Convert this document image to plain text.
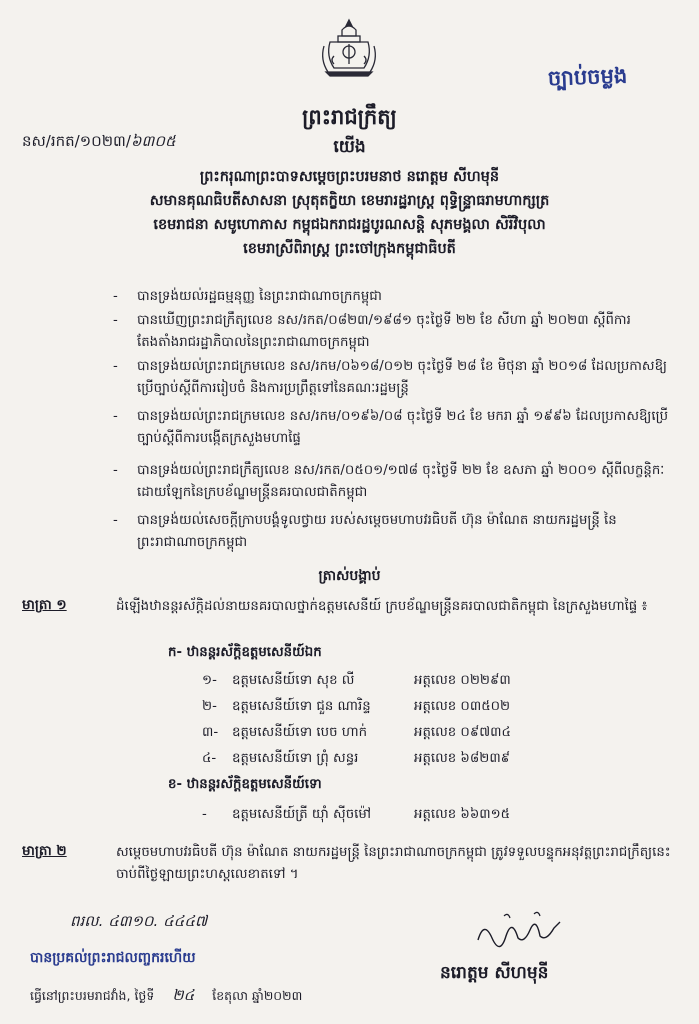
ច្បាប់ចម្លង
ព្រះរាជក្រឹត្យ
នស/រកត/១០២៣/៦៣០៥	យើង
ព្រះករុណាព្រះបាទសម្តេចព្រះបរមនាថ នរោត្តម សីហមុនី
សមានគុណធិបតីសាសនា ស្រុតុតក្ខិយា ខេមរារដ្ឋរាស្ត្រ ពុទ្ធិន្ទ្រាធរាមហាក្សត្រ
ខេមរាជនា សមូហោភាស កម្ពុជឯករាជរដ្ឋបូរណសន្តិ សុភមង្គលា សិរីវិបុលា
ខេមរាស្រីពិរាស្ត្រ ព្រះចៅក្រុងកម្ពុជាធិបតី
- បានទ្រង់យល់រដ្ឋធម្មនុញ្ញ នៃព្រះរាជាណាចក្រកម្ពុជា
- បានឃើញព្រះរាជក្រឹត្យលេខ នស/រកត/០៨២៣/១៩៨១ ចុះថ្ងៃទី ២២ ខែ សីហា ឆ្នាំ ២០២៣ ស្តីពីការតែងតាំងរាជរដ្ឋាភិបាលនៃព្រះរាជាណាចក្រកម្ពុជា
- បានទ្រង់យល់ព្រះរាជក្រមលេខ នស/រកម/០៦១៨/០១២ ចុះថ្ងៃទី ២៨ ខែ មិថុនា ឆ្នាំ ២០១៨ ដែលប្រកាសឱ្យប្រើច្បាប់ស្តីពីការរៀបចំ និងការប្រព្រឹត្តទៅនៃគណៈរដ្ឋមន្ត្រី
- បានទ្រង់យល់ព្រះរាជក្រមលេខ នស/រកម/០១៩៦/០៨ ចុះថ្ងៃទី ២៤ ខែ មករា ឆ្នាំ ១៩៩៦ ដែលប្រកាសឱ្យប្រើច្បាប់ស្តីពីការបង្កើតក្រសួងមហាផ្ទៃ
- បានទ្រង់យល់ព្រះរាជក្រឹត្យលេខ នស/រកត/០៥០១/១៧៨ ចុះថ្ងៃទី ២២ ខែ ឧសភា ឆ្នាំ ២០០១ ស្តីពីលក្ខន្តិកៈដោយឡែកនៃក្របខ័ណ្ឌមន្ត្រីនគរបាលជាតិកម្ពុជា
- បានទ្រង់យល់សេចក្តីក្រាបបង្គំទូលថ្វាយ របស់សម្តេចមហាបវរធិបតី ហ៊ុន ម៉ាណែត នាយករដ្ឋមន្ត្រី នៃព្រះរាជាណាចក្រកម្ពុជា
ត្រាស់បង្គាប់
មាត្រា ១	ដំឡើងឋានន្តរស័ក្តិដល់នាយនគរបាលថ្នាក់ឧត្តមសេនីយ៍ ក្របខ័ណ្ឌមន្ត្រីនគរបាលជាតិកម្ពុជា នៃក្រសួងមហាផ្ទៃ ៖
ក- ឋានន្តរស័ក្តិឧត្តមសេនីយ៍ឯក
១- ឧត្តមសេនីយ៍ទោ សុខ លី	អត្តលេខ ០២២៩៣
២- ឧត្តមសេនីយ៍ទោ ជួន ណារិន្ទ	អត្តលេខ ០៣៥០២
៣- ឧត្តមសេនីយ៍ទោ បេច ហាក់	អត្តលេខ ០៩៧៣៤
៤- ឧត្តមសេនីយ៍ទោ ព្រុំ សន្ធរ	អត្តលេខ ៦៨២៣៩
ខ- ឋានន្តរស័ក្តិឧត្តមសេនីយ៍ទោ
- ឧត្តមសេនីយ៍ត្រី យ៉ាំ ស៊ីចម៉ៅ	អត្តលេខ ៦៦៣១៥
មាត្រា ២	សម្តេចមហាបវរធិបតី ហ៊ុន ម៉ាណែត នាយករដ្ឋមន្ត្រី នៃព្រះរាជាណាចក្រកម្ពុជា ត្រូវទទួលបន្ទុកអនុវត្តព្រះរាជក្រឹត្យនេះ ចាប់ពីថ្ងៃឡាយព្រះហស្តលេខាតទៅ ។
ពរល. ៤៣១០. ៤៤៤៧
បានប្រគល់ព្រះរាជលញ្ចករហើយ
ធ្វើនៅព្រះបរមរាជវាំង, ថ្ងៃទី ២៤ ខែតុលា ឆ្នាំ២០២៣
នរោត្តម សីហមុនី
